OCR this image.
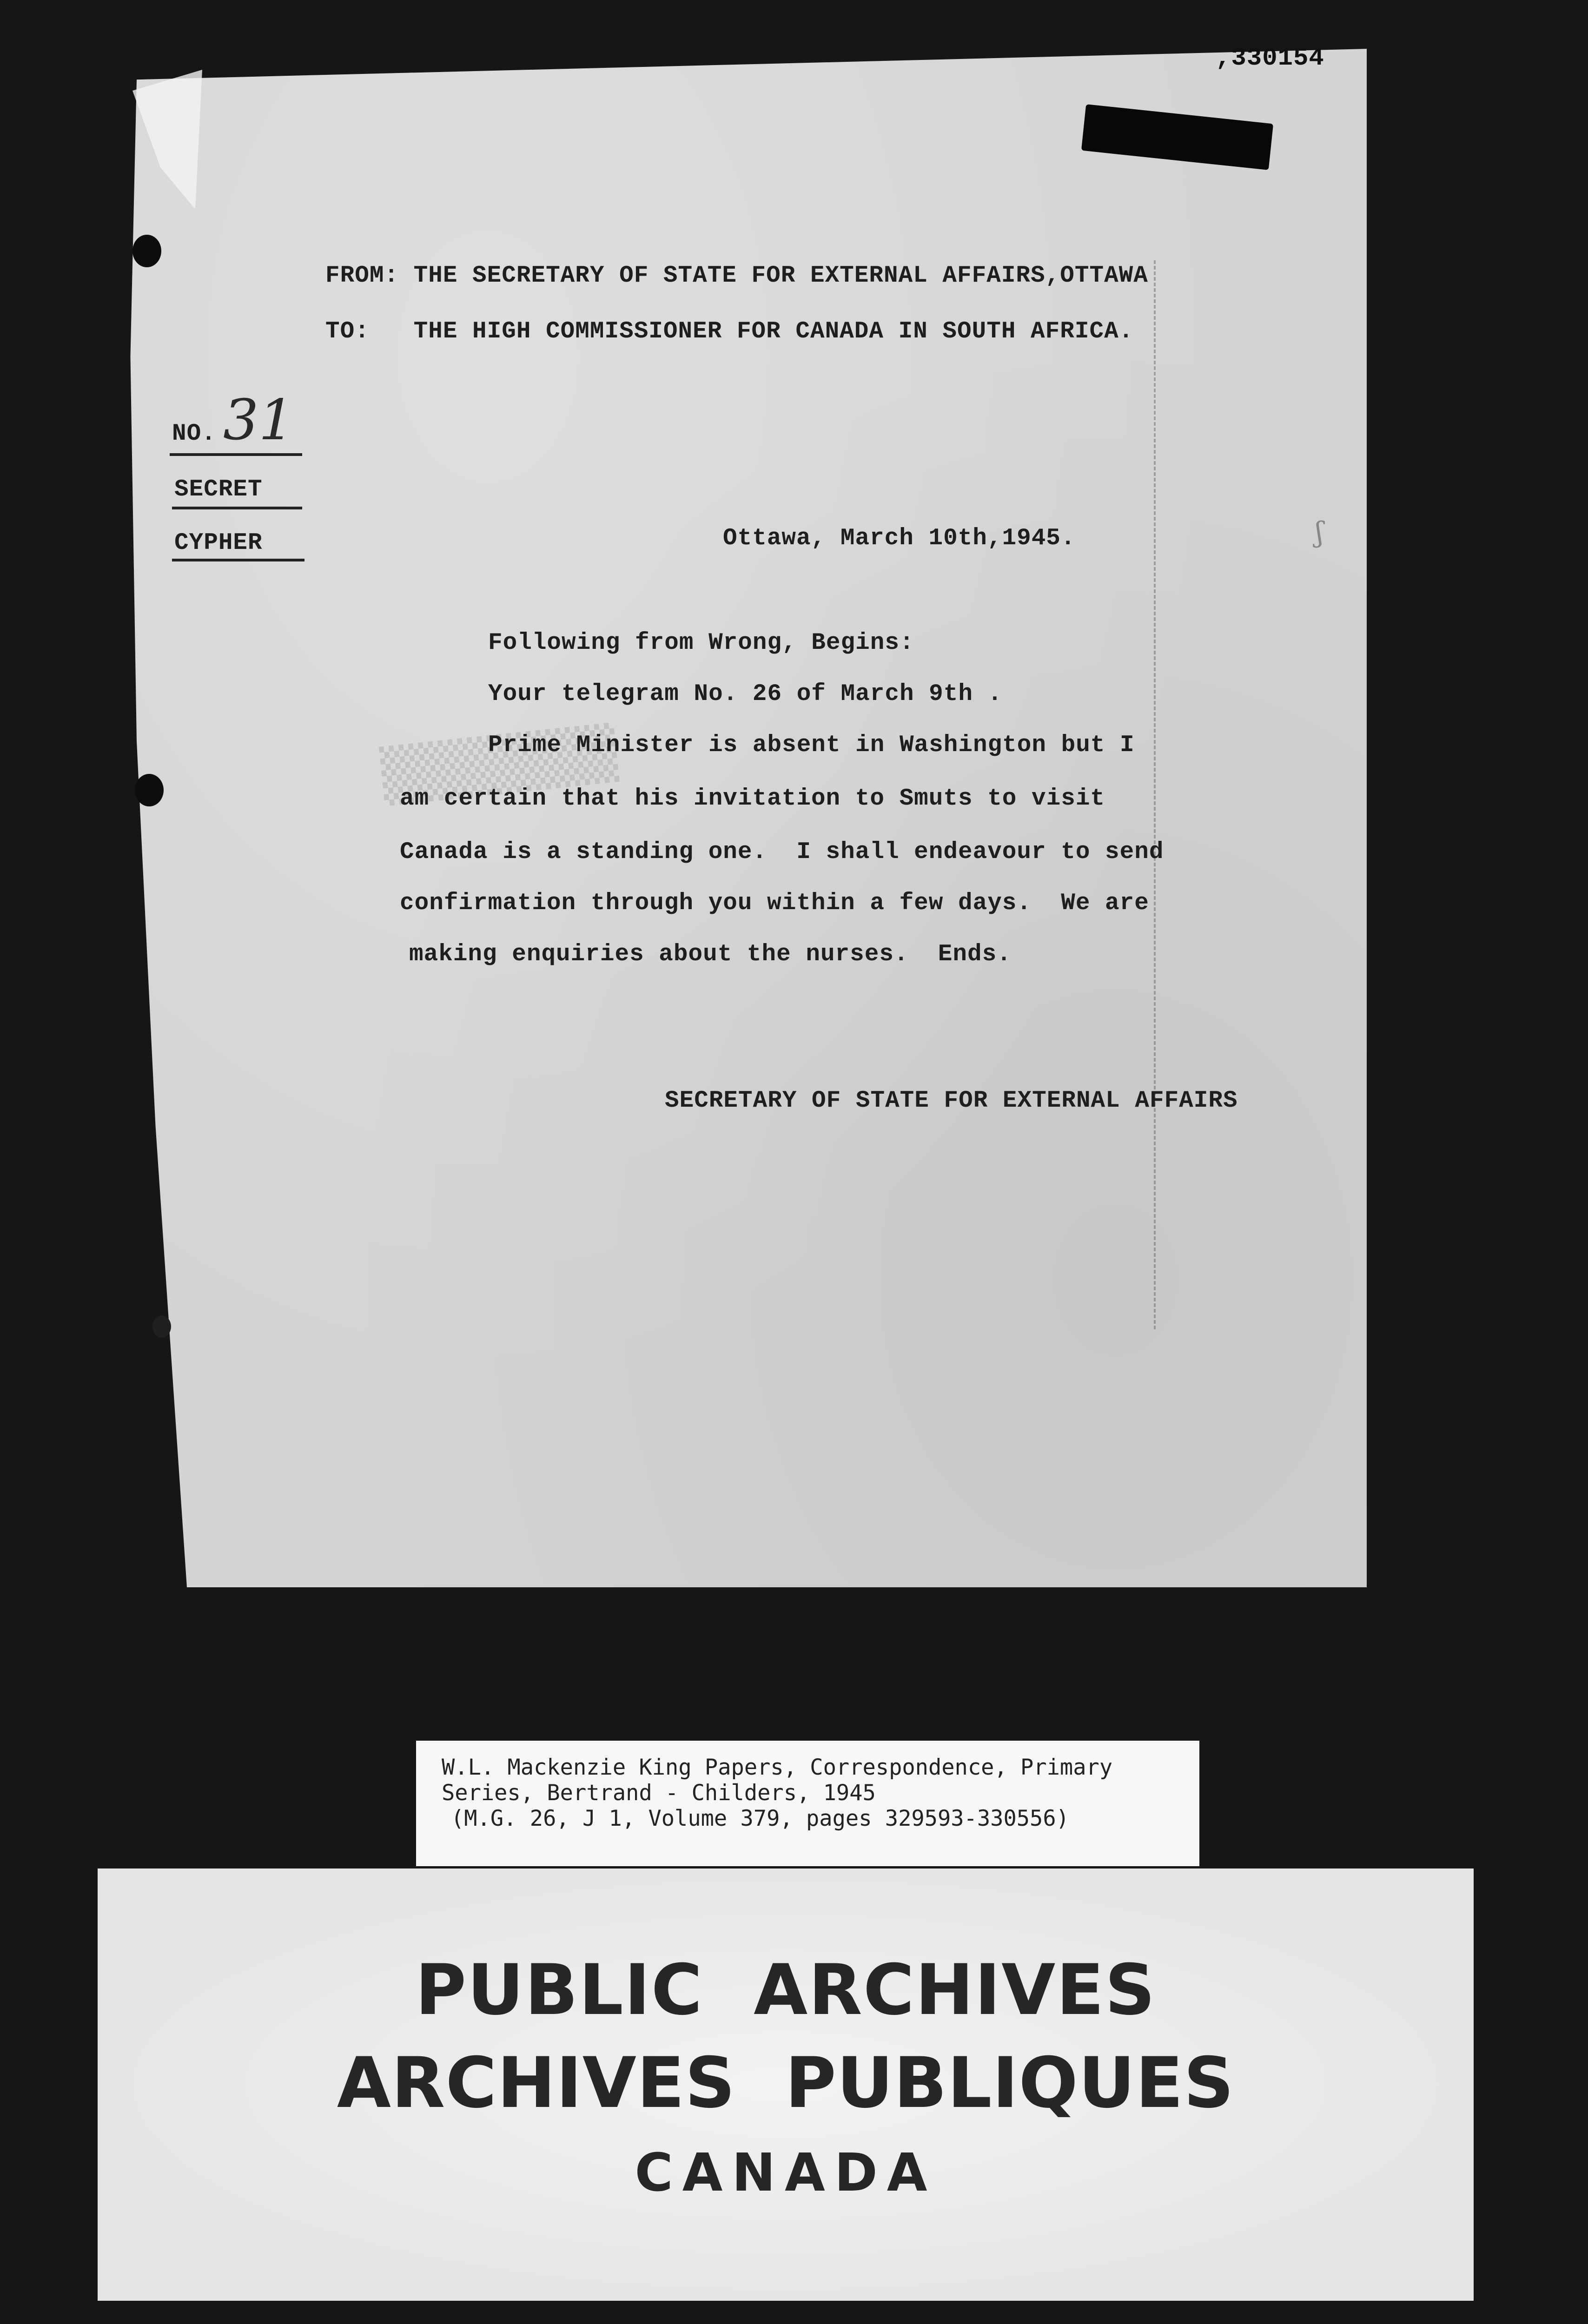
ʃ
▒▒▒▒▒▒
,330154
FROM: THE SECRETARY OF STATE FOR EXTERNAL AFFAIRS,OTTAWA
TO:   THE HIGH COMMISSIONER FOR CANADA IN SOUTH AFRICA.
NO. 31
SECRET
CYPHER	Ottawa, March 10th,1945.
Following from Wrong, Begins:
Your telegram No. 26 of March 9th .
Prime Minister is absent in Washington but I
am certain that his invitation to Smuts to visit
Canada is a standing one.  I shall endeavour to send
confirmation through you within a few days.  We are
making enquiries about the nurses.  Ends.
SECRETARY OF STATE FOR EXTERNAL AFFAIRS
W.L. Mackenzie King Papers, Correspondence, Primary
Series, Bertrand - Childers, 1945
(M.G. 26, J 1, Volume 379, pages 329593-330556)
PUBLIC  ARCHIVES
ARCHIVES  PUBLIQUES
CANADA
